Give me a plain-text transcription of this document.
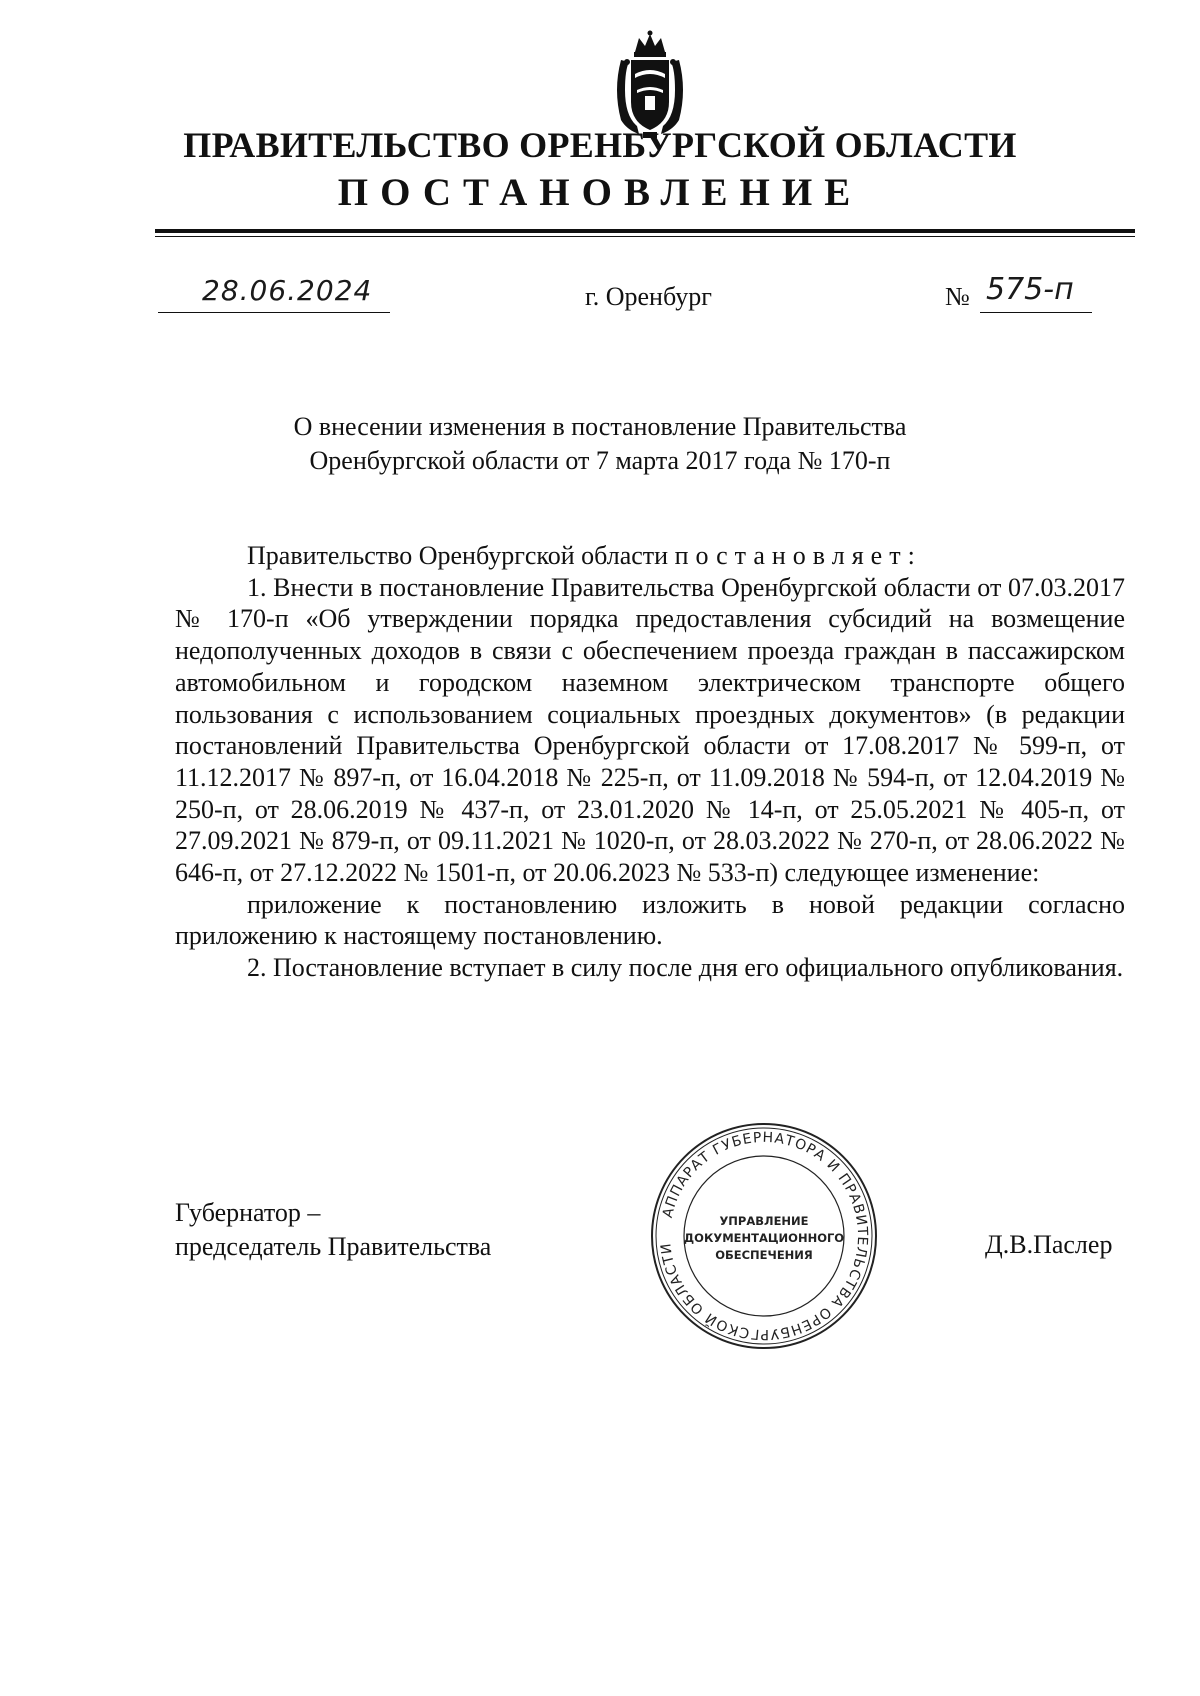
ПРАВИТЕЛЬСТВО ОРЕНБУРГСКОЙ ОБЛАСТИ
ПОСТАНОВЛЕНИЕ
28.06.2024	г. Оренбург	№ 575-п
О внесении изменения в постановление Правительства
Оренбургской области от 7 марта 2017 года № 170-п

Правительство Оренбургской области постановляет:

1. Внести в постановление Правительства Оренбургской области от 07.03.2017 № 170-п «Об утверждении порядка предоставления субсидий на возмещение недополученных доходов в связи с обеспечением проезда граждан в пассажирском автомобильном и городском наземном электрическом транспорте общего пользования с использованием социальных проездных документов» (в редакции постановлений Правительства Оренбургской области от 17.08.2017 № 599-п, от 11.12.2017 № 897-п, от 16.04.2018 № 225-п, от 11.09.2018 № 594-п, от 12.04.2019 № 250-п, от 28.06.2019 № 437-п, от 23.01.2020 № 14-п, от 25.05.2021 № 405-п, от 27.09.2021 № 879-п, от 09.11.2021 № 1020-п, от 28.03.2022 № 270-п, от 28.06.2022 № 646-п, от 27.12.2022 № 1501-п, от 20.06.2023 № 533-п) следующее изменение:

приложение к постановлению изложить в новой редакции согласно приложению к настоящему постановлению.

2. Постановление вступает в силу после дня его официального опубликования.

Губернатор –
председатель Правительства
АППАРАТ ГУБЕРНАТОРА И ПРАВИТЕЛЬСТВА ОРЕНБУРГСКОЙ ОБЛАСТИ
УПРАВЛЕНИЕ
ДОКУМЕНТАЦИОННОГО
ОБЕСПЕЧЕНИЯ	Д.В.Паслер
